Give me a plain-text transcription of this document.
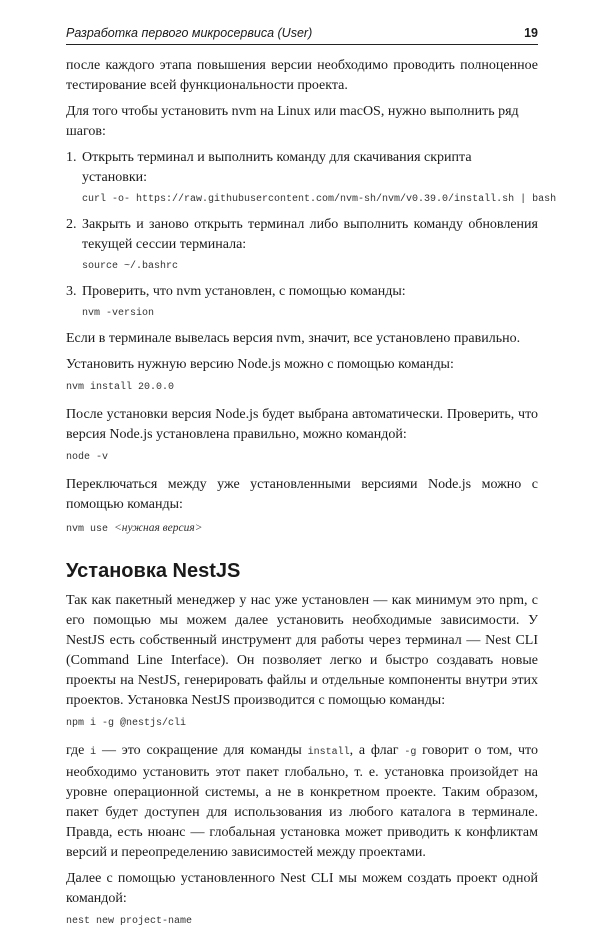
Разработка первого микросервиса (User)	19

после каждого этапа повышения версии необходимо проводить полноценное тестирование всей функциональности проекта.

Для того чтобы установить nvm на Linux или macOS, нужно выполнить ряд шагов:

1. Открыть терминал и выполнить команду для скачивания скрипта установки:
curl -o- https://raw.githubusercontent.com/nvm-sh/nvm/v0.39.0/install.sh | bash
2. Закрыть и заново открыть терминал либо выполнить команду обновления текущей сессии терминала:
source ~/.bashrc
3. Проверить, что nvm установлен, с помощью команды:
nvm -version

Если в терминале вывелась версия nvm, значит, все установлено правильно.

Установить нужную версию Node.js можно с помощью команды:

nvm install 20.0.0

После установки версия Node.js будет выбрана автоматически. Проверить, что версия Node.js установлена правильно, можно командой:

node -v

Переключаться между уже установленными версиями Node.js можно с помощью команды:

nvm use <нужная версия>
Установка NestJS

Так как пакетный менеджер у нас уже установлен — как минимум это npm, с его помощью мы можем далее установить необходимые зависимости. У NestJS есть собственный инструмент для работы через терминал — Nest CLI (Command Line Interface). Он позволяет легко и быстро создавать новые проекты на NestJS, генерировать файлы и отдельные компоненты внутри этих проектов. Установка NestJS производится с помощью команды:

npm i -g @nestjs/cli

где i — это сокращение для команды install, а флаг -g говорит о том, что необходимо установить этот пакет глобально, т. е. установка произойдет на уровне операционной системы, а не в конкретном проекте. Таким образом, пакет будет доступен для использования из любого каталога в терминале. Правда, есть нюанс — глобальная установка может приводить к конфликтам версий и переопределению зависимостей между проектами.

Далее с помощью установленного Nest CLI мы можем создать проект одной командой:

nest new project-name
